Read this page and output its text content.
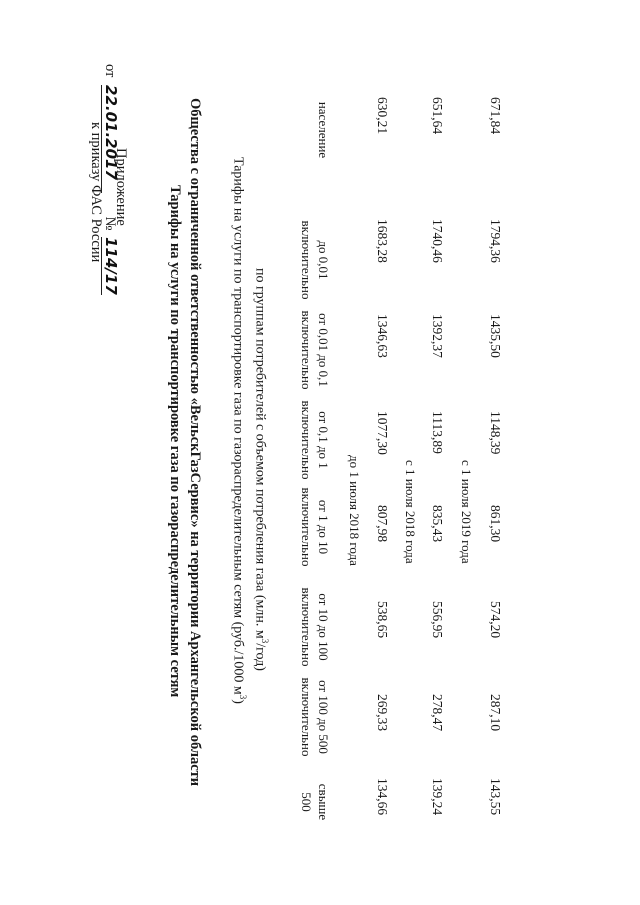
Приложение
к приказу ФАС России
от 22.01.2017 № 114/17	Тарифы на услуги по транспортировке газа по газораспределительным сетям Общества с ограниченной ответственностью «ВельскГазСервис» на территории Архангельской области Тарифы на услуги по транспортировке газа по газораспределительным сетям (руб./1000 $м^3$)
по группам потребителей с объемом потребления газа (млн. $м^3/год$)
свыше
500
от 100 до 500
включительно
от 10 до 100
включительно
от 1 до 10
включительно
от 0,1 до 1
включительно
от 0,01 до 0,1
включительно
до 0,01
включительно
население
до 1 июля 2018 года
134,66
269,33
538,65
807,98
1077,30
1346,63
1683,28
630,21
с 1 июля 2018 года
139,24
278,47
556,95
835,43
1113,89
1392,37
1740,46
651,64
с 1 июля 2019 года
143,55
287,10
574,20
861,30
1148,39
1435,50
1794,36
671,84
